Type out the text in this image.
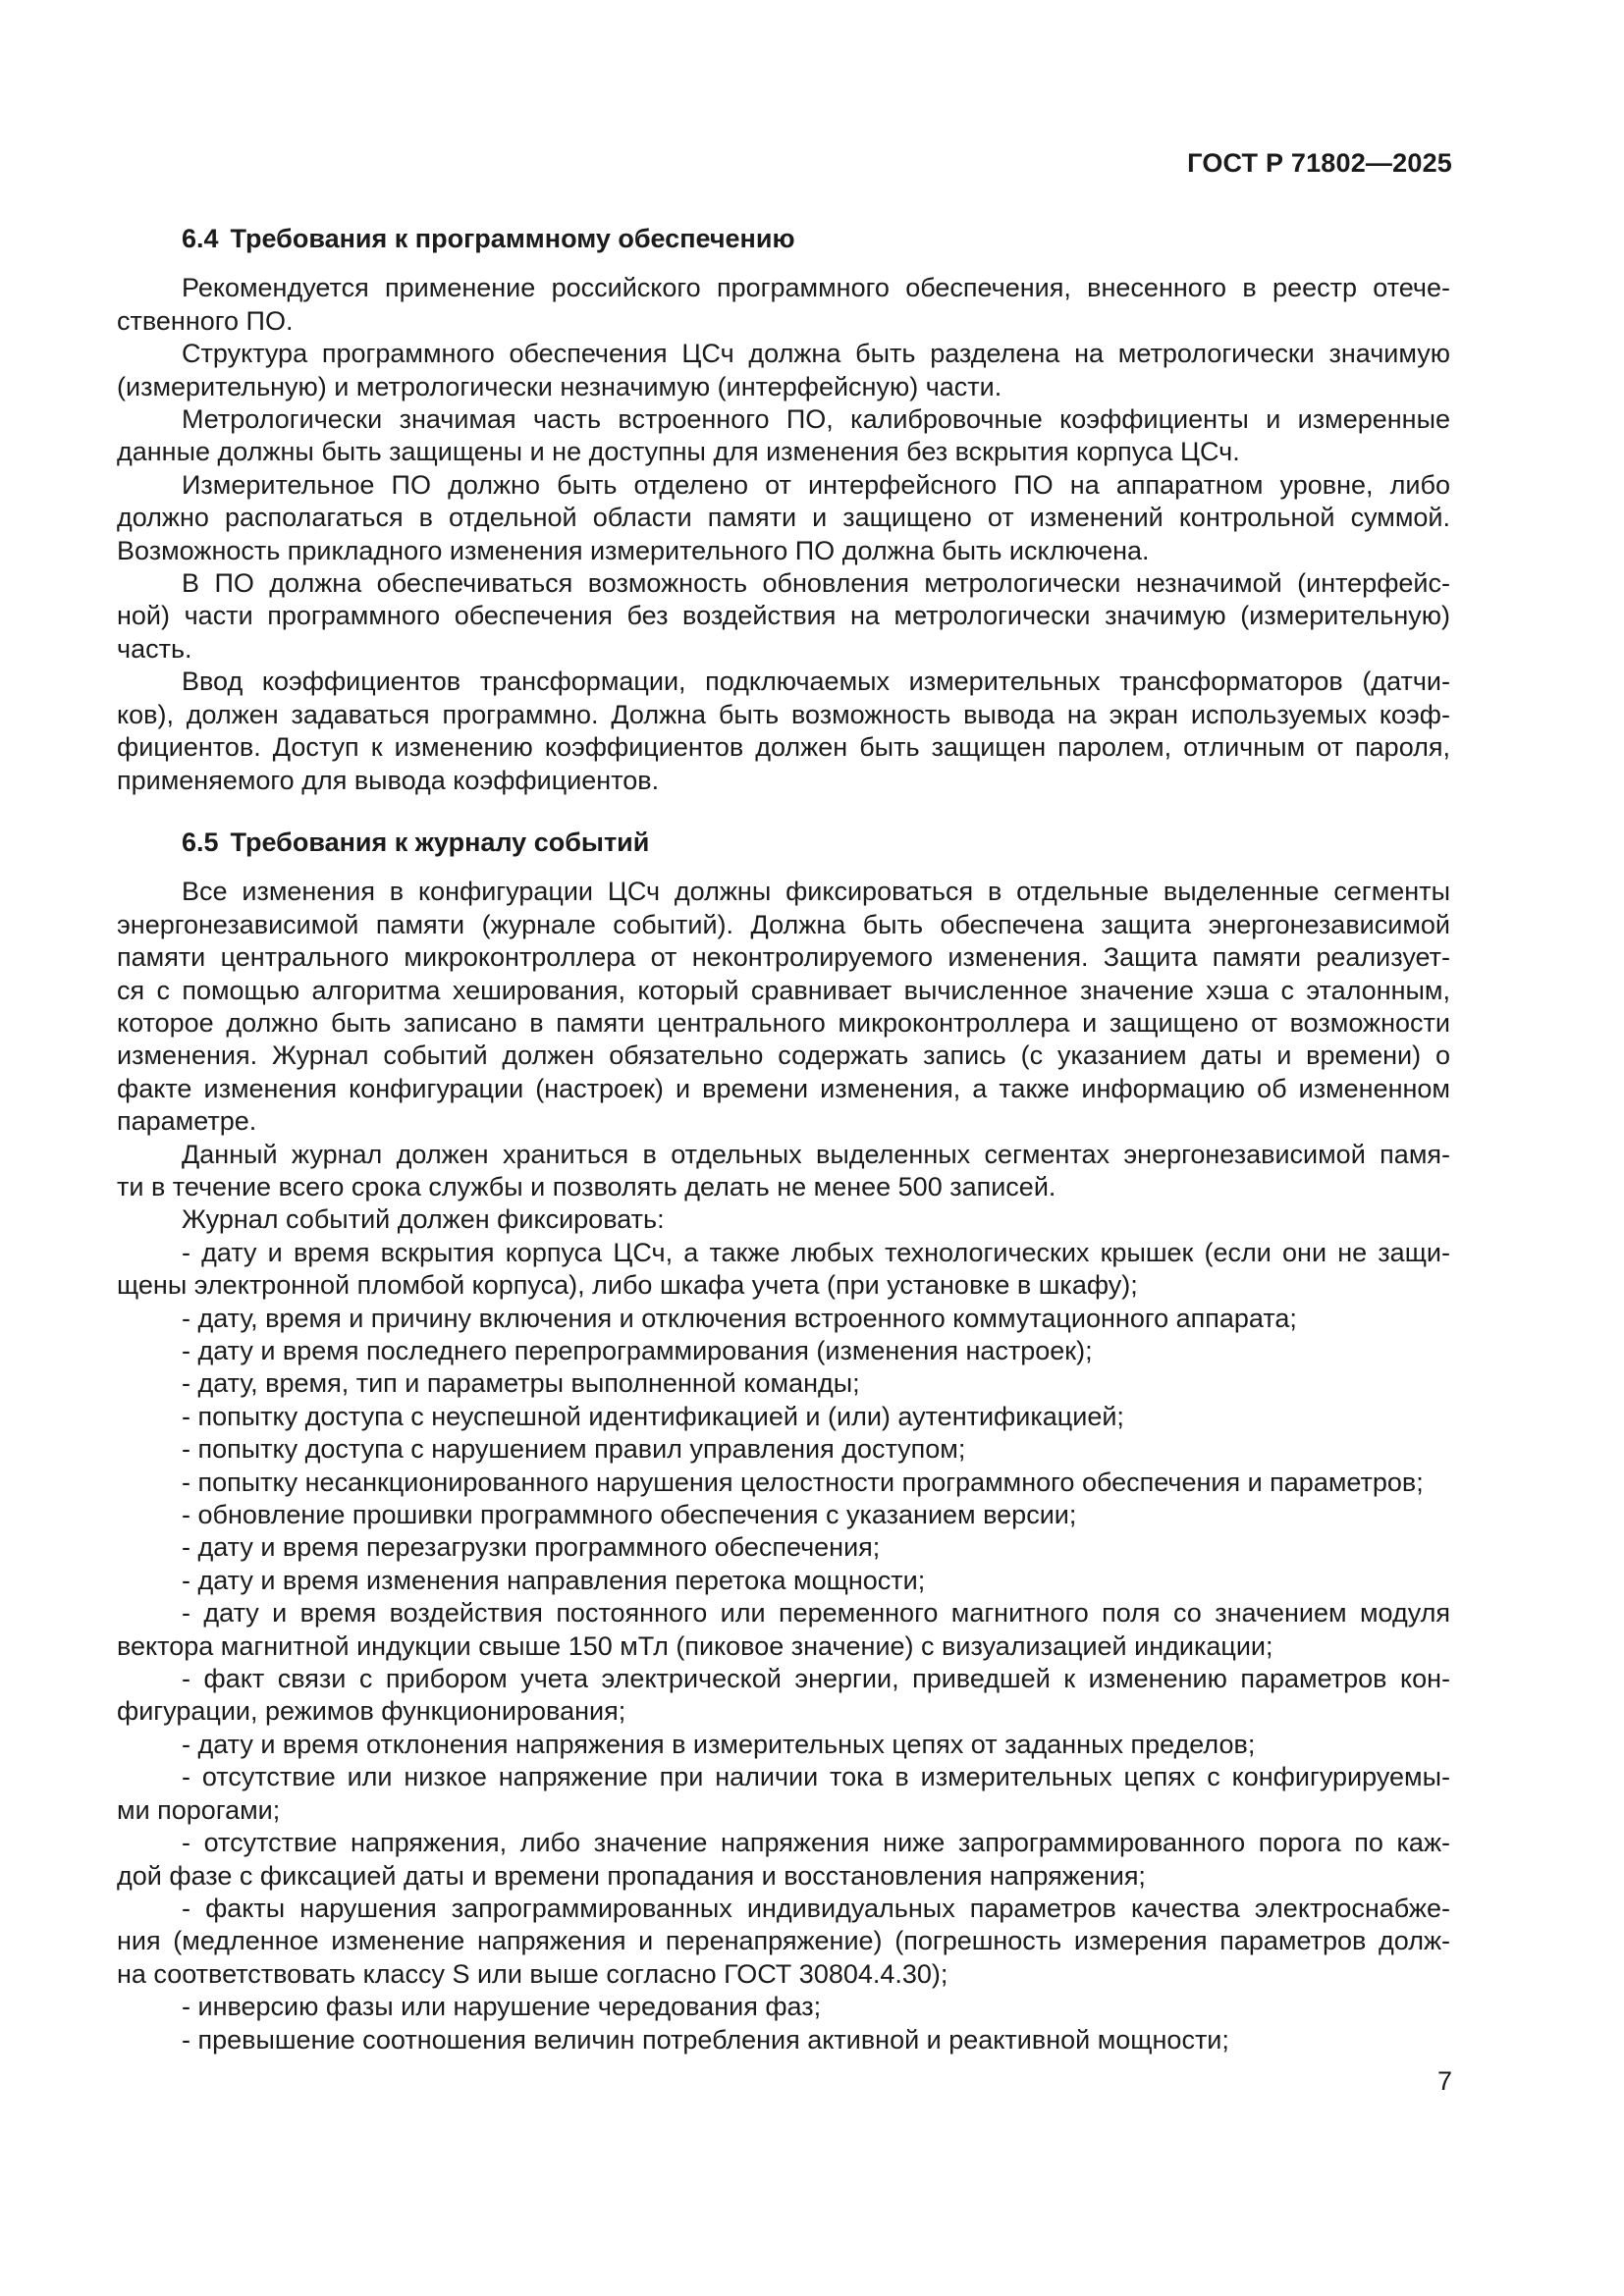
ГОСТ Р 71802—2025
6.4 Требования к программному обеспечению
Рекомендуется применение российского программного обеспечения, внесенного в реестр отече-
ственного ПО.
Структура программного обеспечения ЦСч должна быть разделена на метрологически значимую
(измерительную) и метрологически незначимую (интерфейсную) части.
Метрологически значимая часть встроенного ПО, калибровочные коэффициенты и измеренные
данные должны быть защищены и не доступны для изменения без вскрытия корпуса ЦСч.
Измерительное ПО должно быть отделено от интерфейсного ПО на аппаратном уровне, либо
должно располагаться в отдельной области памяти и защищено от изменений контрольной суммой.
Возможность прикладного изменения измерительного ПО должна быть исключена.
В ПО должна обеспечиваться возможность обновления метрологически незначимой (интерфейс-
ной) части программного обеспечения без воздействия на метрологически значимую (измерительную)
часть.
Ввод коэффициентов трансформации, подключаемых измерительных трансформаторов (датчи-
ков), должен задаваться программно. Должна быть возможность вывода на экран используемых коэф-
фициентов. Доступ к изменению коэффициентов должен быть защищен паролем, отличным от пароля,
применяемого для вывода коэффициентов.
6.5 Требования к журналу событий
Все изменения в конфигурации ЦСч должны фиксироваться в отдельные выделенные сегменты
энергонезависимой памяти (журнале событий). Должна быть обеспечена защита энергонезависимой
памяти центрального микроконтроллера от неконтролируемого изменения. Защита памяти реализует-
ся с помощью алгоритма хеширования, который сравнивает вычисленное значение хэша с эталонным,
которое должно быть записано в памяти центрального микроконтроллера и защищено от возможности
изменения. Журнал событий должен обязательно содержать запись (с указанием даты и времени) о
факте изменения конфигурации (настроек) и времени изменения, а также информацию об измененном
параметре.
Данный журнал должен храниться в отдельных выделенных сегментах энергонезависимой памя-
ти в течение всего срока службы и позволять делать не менее 500 записей.
Журнал событий должен фиксировать:
- дату и время вскрытия корпуса ЦСч, а также любых технологических крышек (если они не защи-
щены электронной пломбой корпуса), либо шкафа учета (при установке в шкафу);
- дату, время и причину включения и отключения встроенного коммутационного аппарата;
- дату и время последнего перепрограммирования (изменения настроек);
- дату, время, тип и параметры выполненной команды;
- попытку доступа с неуспешной идентификацией и (или) аутентификацией;
- попытку доступа с нарушением правил управления доступом;
- попытку несанкционированного нарушения целостности программного обеспечения и параметров;
- обновление прошивки программного обеспечения с указанием версии;
- дату и время перезагрузки программного обеспечения;
- дату и время изменения направления перетока мощности;
- дату и время воздействия постоянного или переменного магнитного поля со значением модуля
вектора магнитной индукции свыше 150 мТл (пиковое значение) с визуализацией индикации;
- факт связи с прибором учета электрической энергии, приведшей к изменению параметров кон-
фигурации, режимов функционирования;
- дату и время отклонения напряжения в измерительных цепях от заданных пределов;
- отсутствие или низкое напряжение при наличии тока в измерительных цепях с конфигурируемы-
ми порогами;
- отсутствие напряжения, либо значение напряжения ниже запрограммированного порога по каж-
дой фазе с фиксацией даты и времени пропадания и восстановления напряжения;
- факты нарушения запрограммированных индивидуальных параметров качества электроснабже-
ния (медленное изменение напряжения и перенапряжение) (погрешность измерения параметров долж-
на соответствовать классу S или выше согласно ГОСТ 30804.4.30);
- инверсию фазы или нарушение чередования фаз;
- превышение соотношения величин потребления активной и реактивной мощности;
7
